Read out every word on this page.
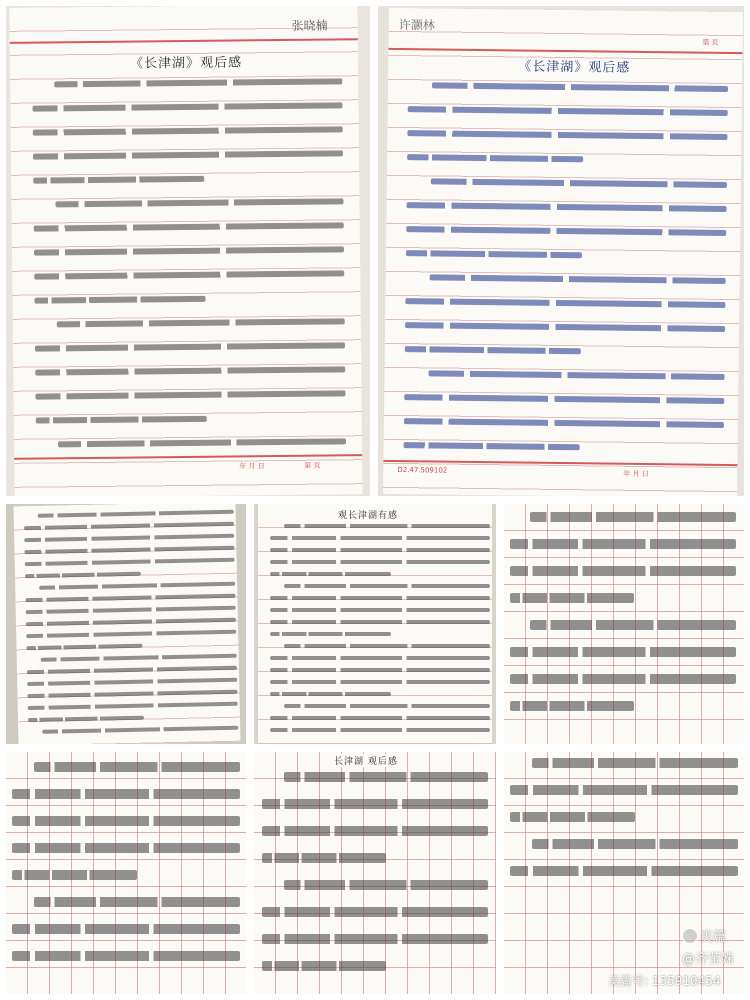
张晓楠
《长津湖》观后感
年 月 日	第 页
许灏林
第 页
《长津湖》观后感
D2.47.509102	年 月 日
观长津湖有感
长津湖 观后感
美篇
@齐莹姝
美篇号: 135910454
